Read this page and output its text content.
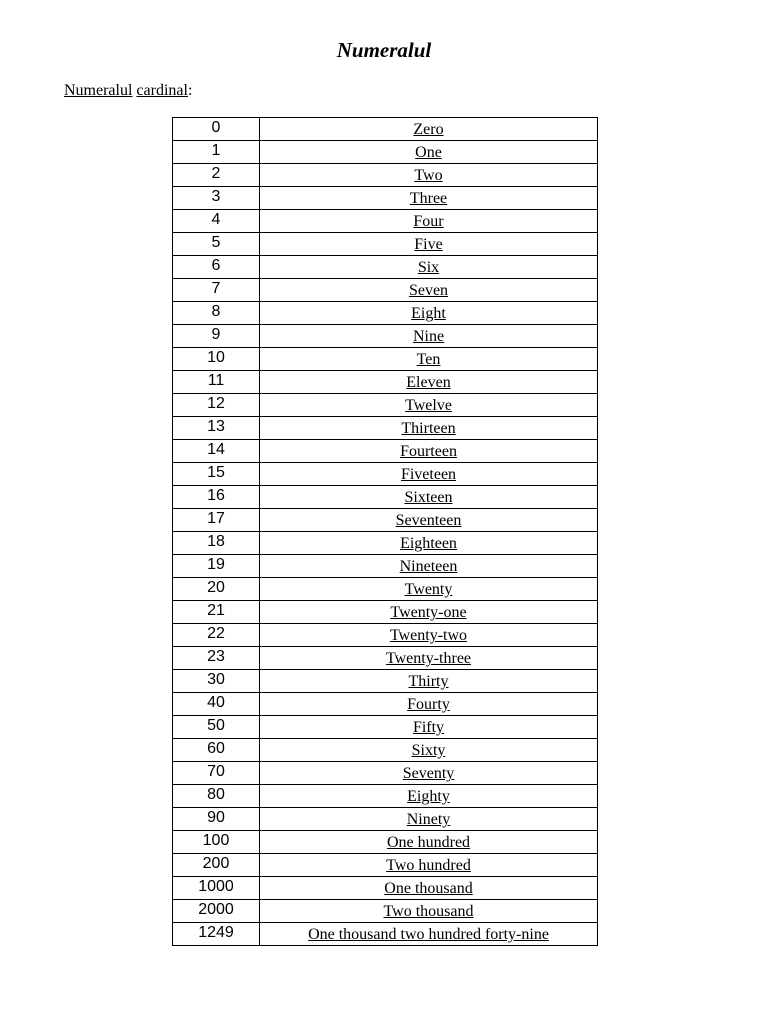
Numeralul
Numeralul cardinal:
0	Zero
1	One
2	Two
3	Three
4	Four
5	Five
6	Six
7	Seven
8	Eight
9	Nine
10	Ten
11	Eleven
12	Twelve
13	Thirteen
14	Fourteen
15	Fiveteen
16	Sixteen
17	Seventeen
18	Eighteen
19	Nineteen
20	Twenty
21	Twenty-one
22	Twenty-two
23	Twenty-three
30	Thirty
40	Fourty
50	Fifty
60	Sixty
70	Seventy
80	Eighty
90	Ninety
100	One hundred
200	Two hundred
1000	One thousand
2000	Two thousand
1249	One thousand two hundred forty-nine
